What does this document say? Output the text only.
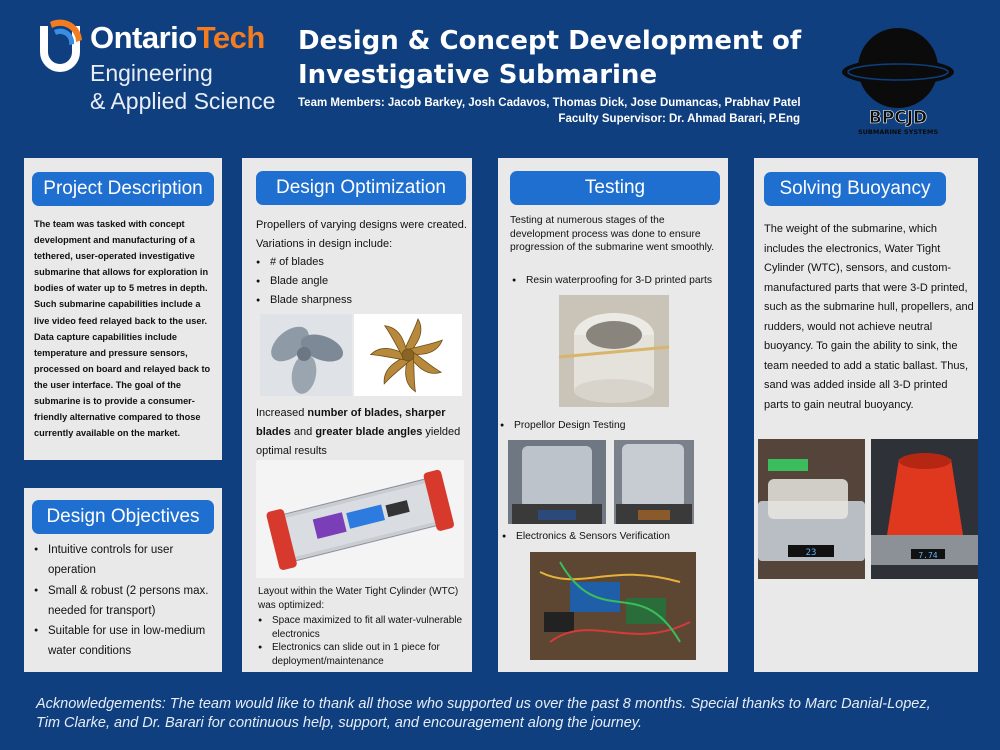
OntarioTech
Engineering
& Applied Science
Design & Concept Development of
Investigative Submarine
Team Members: Jacob Barkey, Josh Cadavos, Thomas Dick, Jose Dumancas, Prabhav Patel
Faculty Supervisor: Dr. Ahmad Barari, P.Eng	BPCJD
SUBMARINE SYSTEMS
Project Description
The team was tasked with concept development and manufacturing of a tethered, user-operated investigative submarine that allows for exploration in bodies of water up to 5 metres in depth. Such submarine capabilities include a live video feed relayed back to the user. Data capture capabilities include temperature and pressure sensors, processed on board and relayed back to the user interface. The goal of the submarine is to provide a consumer-friendly alternative compared to those currently available on the market.
Design Objectives
● Intuitive controls for user operation
● Small & robust (2 persons max. needed for transport)
● Suitable for use in low-medium water conditions
Design Optimization
Propellers of varying designs were created. Variations in design include:
● # of blades
● Blade angle
● Blade sharpness
Increased number of blades, sharper blades and greater blade angles yielded optimal results
Layout within the Water Tight Cylinder (WTC) was optimized:
● Space maximized to fit all water-vulnerable electronics
● Electronics can slide out in 1 piece for deployment/maintenance
Testing
Testing at numerous stages of the development process was done to ensure progression of the submarine went smoothly.
● Resin waterproofing for 3-D printed parts
● Propellor Design Testing
● Electronics & Sensors Verification
Solving Buoyancy
The weight of the submarine, which includes the electronics, Water Tight Cylinder (WTC), sensors, and custom-manufactured parts that were 3-D printed, such as the submarine hull, propellers, and rudders, would not achieve neutral buoyancy. To gain the ability to sink, the team needed to add a static ballast. Thus, sand was added inside all 3-D printed parts to gain neutral buoyancy.
23	7.74
Acknowledgements: The team would like to thank all those who supported us over the past 8 months. Special thanks to Marc Danial-Lopez, Tim Clarke, and Dr. Barari for continuous help, support, and encouragement along the journey.
